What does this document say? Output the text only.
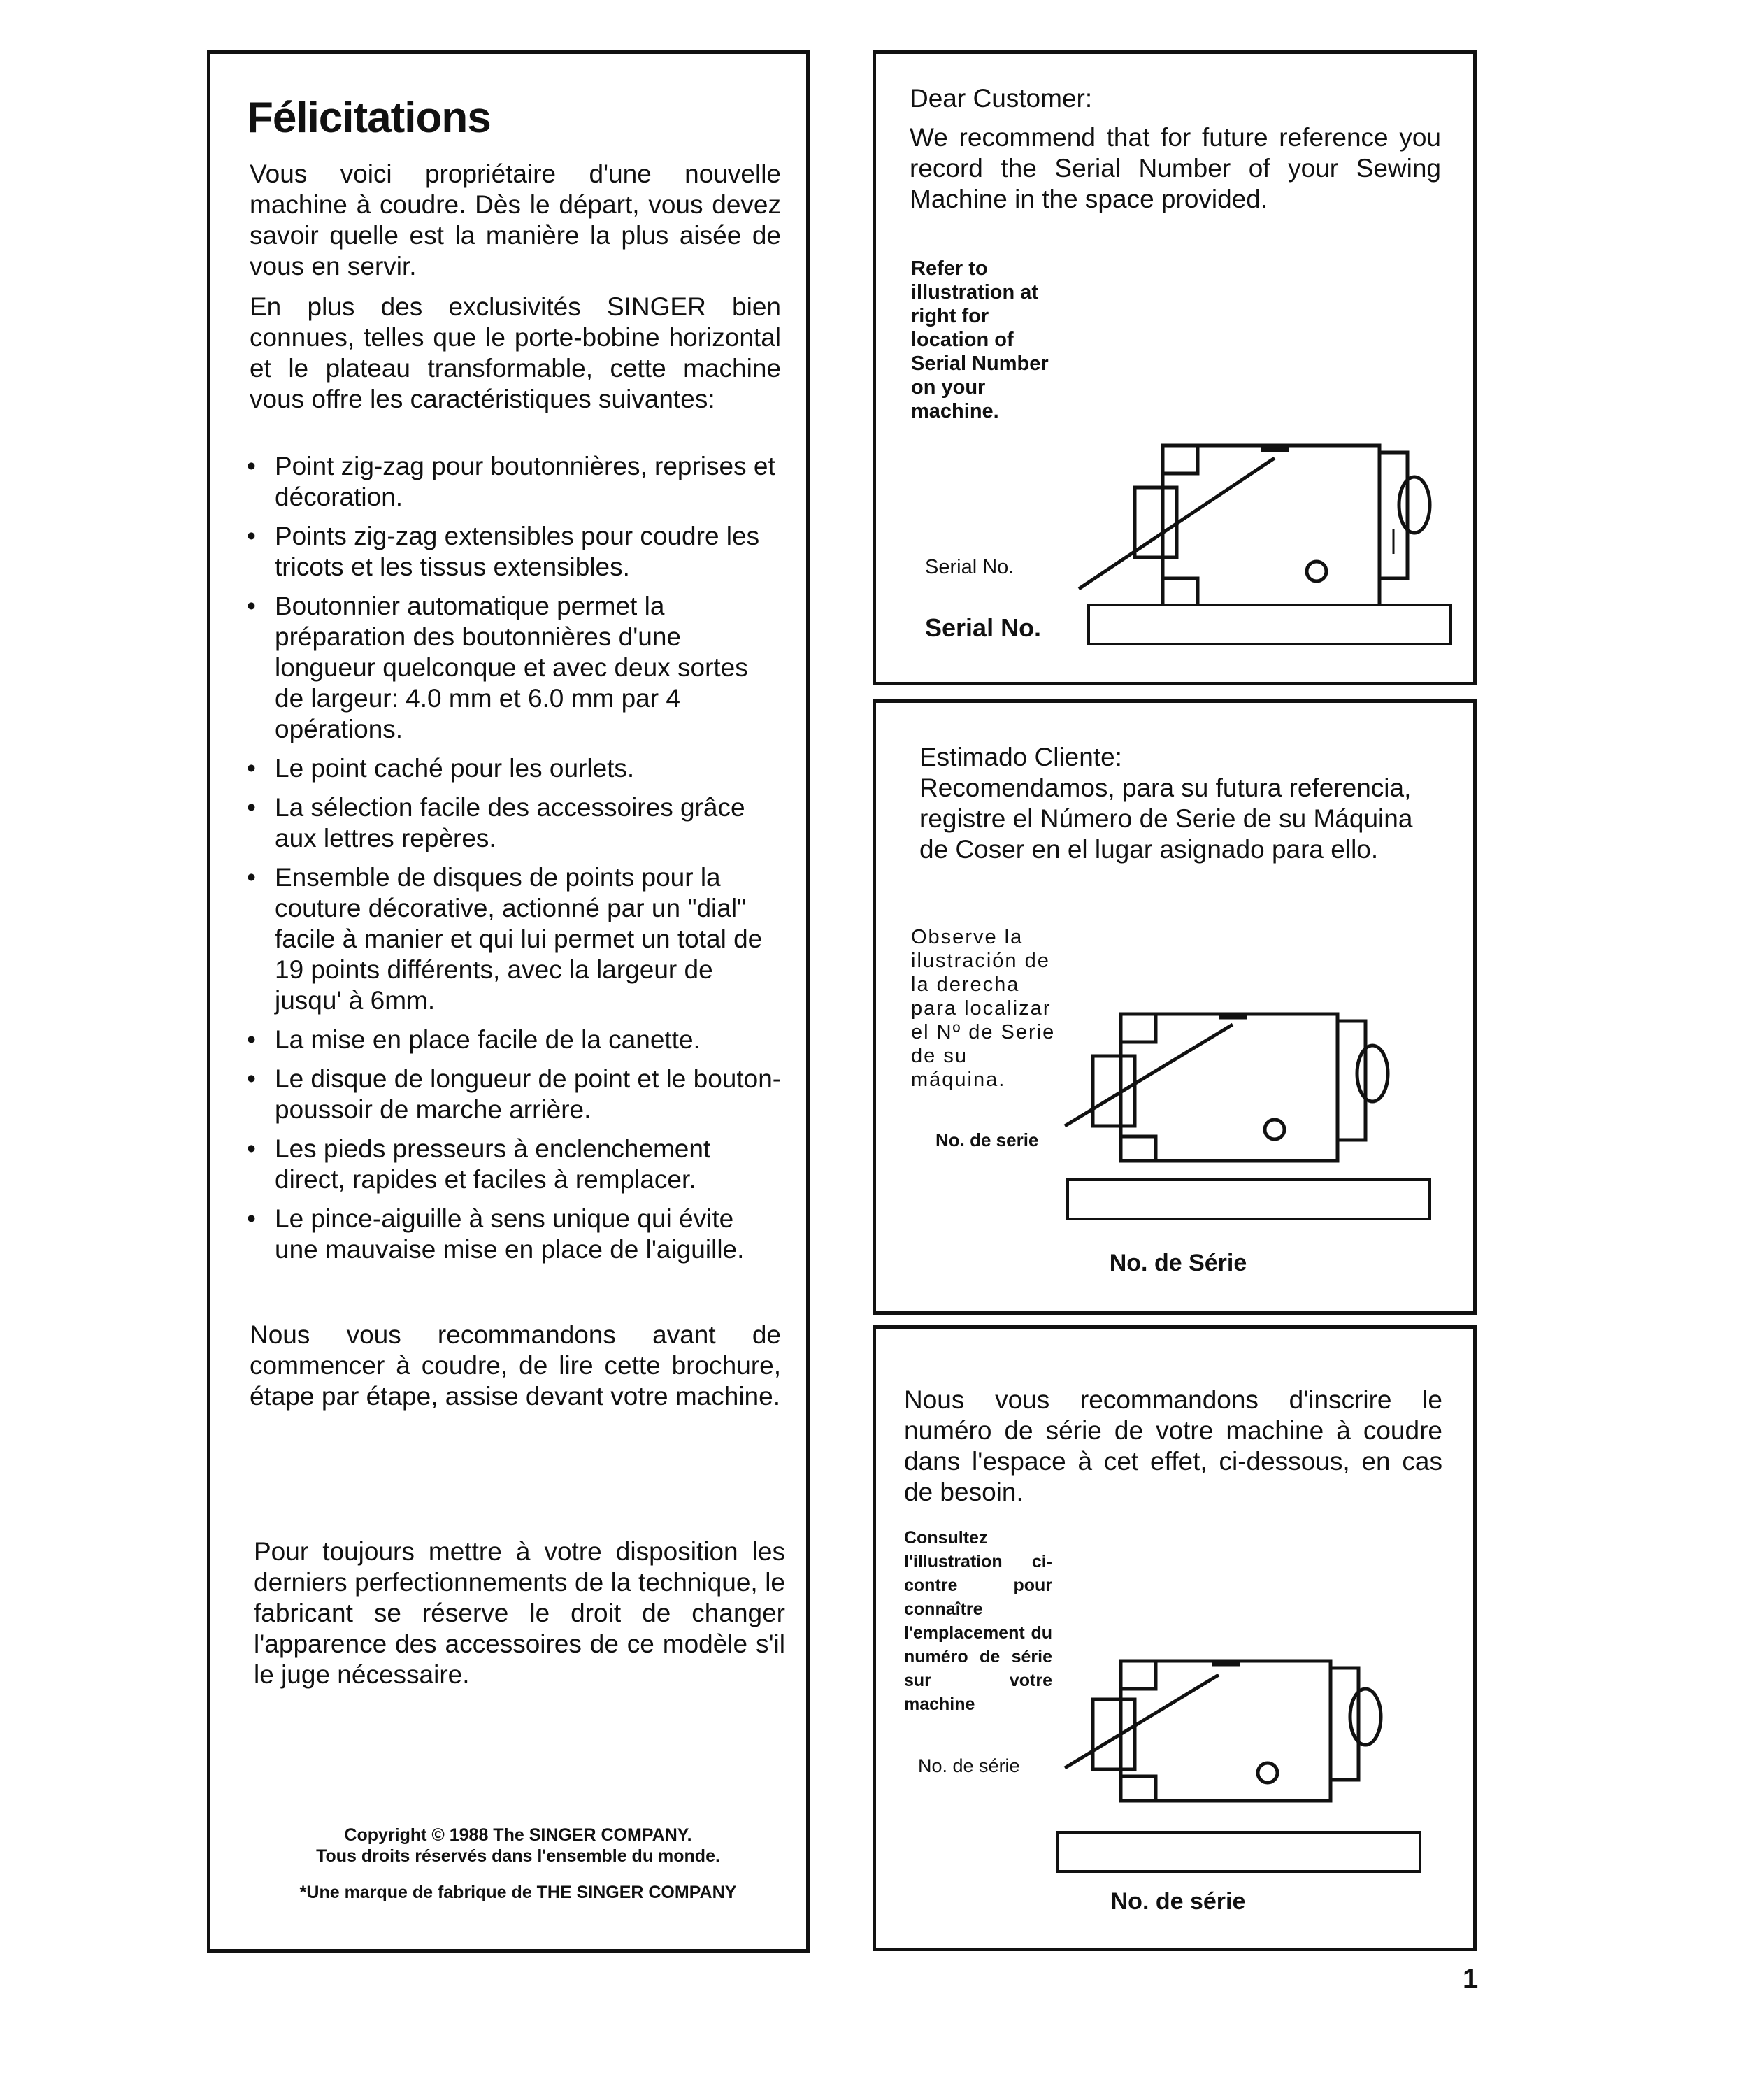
Félicitations

Vous voici propriétaire d'une nouvelle machine à coudre. Dès le départ, vous devez savoir quelle est la manière la plus aisée de vous en servir.

En plus des exclusivités SINGER bien connues, telles que le porte-bobine horizontal et le plateau transformable, cette machine vous offre les caractéristiques suivantes:

• Point zig-zag pour boutonnières, reprises et décoration.
• Points zig-zag extensibles pour coudre les tricots et les tissus extensibles.
• Boutonnier automatique permet la préparation des boutonnières d'une longueur quelconque et avec deux sortes de largeur: 4.0 mm et 6.0 mm par 4 opérations.
• Le point caché pour les ourlets.
• La sélection facile des accessoires grâce aux lettres repères.
• Ensemble de disques de points pour la couture décorative, actionné par un "dial" facile à manier et qui lui permet un total de 19 points différents, avec la largeur de jusqu' à 6mm.
• La mise en place facile de la canette.
• Le disque de longueur de point et le bouton-poussoir de marche arrière.
• Les pieds presseurs à enclenchement direct, rapides et faciles à remplacer.
• Le pince-aiguille à sens unique qui évite une mauvaise mise en place de l'aiguille.

Nous vous recommandons avant de commencer à coudre, de lire cette brochure, étape par étape, assise devant votre machine.

Pour toujours mettre à votre disposition les derniers perfectionnements de la technique, le fabricant se réserve le droit de changer l'apparence des accessoires de ce modèle s'il le juge nécessaire.

Copyright © 1988 The SINGER COMPANY.
Tous droits réservés dans l'ensemble du monde.
*Une marque de fabrique de THE SINGER COMPANY
Dear Customer:

We recommend that for future reference you record the Serial Number of your Sewing Machine in the space provided.

Refer to illustration at right for location of Serial Number on your machine.

Serial No.
Serial No.
Estimado Cliente:

Recomendamos, para su futura referencia, registre el Número de Serie de su Máquina de Coser en el lugar asignado para ello.

Observe la ilustración de la derecha para localizar el Nº de Serie de su máquina.

No. de serie
No. de Série

Nous vous recommandons d'inscrire le numéro de série de votre machine à coudre dans l'espace à cet effet, ci-dessous, en cas de besoin.

Consultez l'illustration ci-contre pour connaître l'emplacement du numéro de série sur votre machine

No. de série
No. de série
1
